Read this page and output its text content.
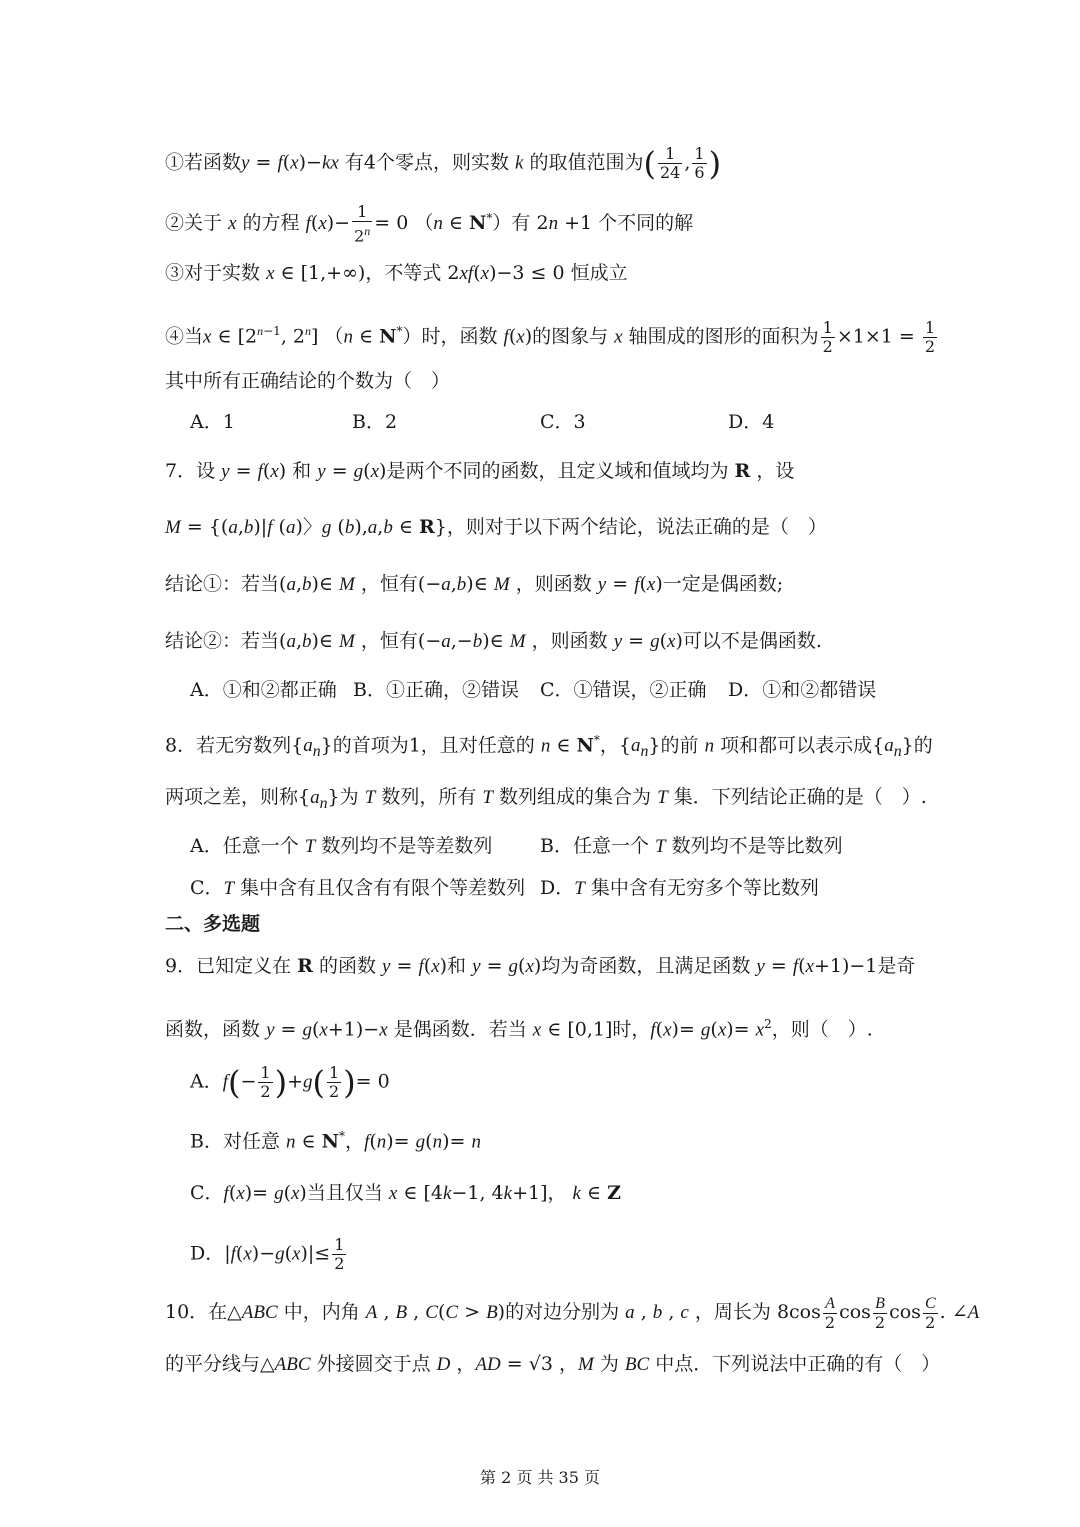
①若函数y = f(x)−kx 有4个零点，则实数 k 的取值范围为( $\frac{1}{24}$ , $\frac{1}{6}$ )
②关于 x 的方程 $f(x)- \frac{1}{2^n} = 0$ （n ∈ N*）有 2n +1 个不同的解
③对于实数 x ∈ [1,+∞)，不等式 2xf(x)−3 ≤ 0 恒成立
④当x ∈ [$2^{n-1}$, 2$^n$] （n ∈ N*）时，函数 f(x)的图象与 x 轴围成的图形的面积为 $\frac{1}{2} \times 1\times 1 = \frac{1}{2}$
其中所有正确结论的个数为（　）
A．1	B．2	C．3	D．4
7．设 y = f(x) 和 y = g(x)是两个不同的函数，且定义域和值域均为 R ，设
M = {(a,b)|f (a)〉g (b),a,b ∈ R}，则对于以下两个结论，说法正确的是（　）
结论①：若当(a,b)∈ M ，恒有(−a,b)∈ M ，则函数 y = f(x)一定是偶函数;
结论②：若当(a,b)∈ M ，恒有(−a,−b)∈ M ，则函数 y = g(x)可以不是偶函数.
A．①和②都正确 B．①正确，②错误 C．①错误，②正确 D．①和②都错误
8．若无穷数列$\{a_n\}$的首项为1，且对任意的 n ∈ N*，$\{a_n\}$的前 n 项和都可以表示成$\{a_n\}$的
两项之差，则称$\{a_n\}$为 T 数列，所有 T 数列组成的集合为 T 集．下列结论正确的是（　）.
A．任意一个 T 数列均不是等差数列	B．任意一个 T 数列均不是等比数列
C．T 集中含有且仅含有有限个等差数列 D．T 集中含有无穷多个等比数列
二、多选题
9．已知定义在 R 的函数 y = f(x)和 y = g(x)均为奇函数，且满足函数 y = f(x+1)−1是奇
函数，函数 y = g(x+1)−x 是偶函数．若当 x ∈ [0,1]时，$f(x)= g(x)= x^2$，则（　）.
A．$f(- \frac{1}{2} )+g( \frac{1}{2}$ )= 0
B．对任意 n ∈ N*，f(n)= g(n)= n
C．f(x)= g(x)当且仅当 x ∈ [4k−1, 4k+1]， k ∈ Z
D．$|f(x)-g(x)|\le \frac{1}{2}$
10．在△ABC 中，内角 A , B , C(C > B)的对边分别为 a , b , c ，周长为 $8\cos \frac{A}{2}$ $\cos \frac{B}{2}$ $\cos \frac{C}{2}$ . ∠A
的平分线与△ABC 外接圆交于点 D ，AD = √3 ，M 为 BC 中点．下列说法中正确的有（　）
第 2 页 共 35 页
